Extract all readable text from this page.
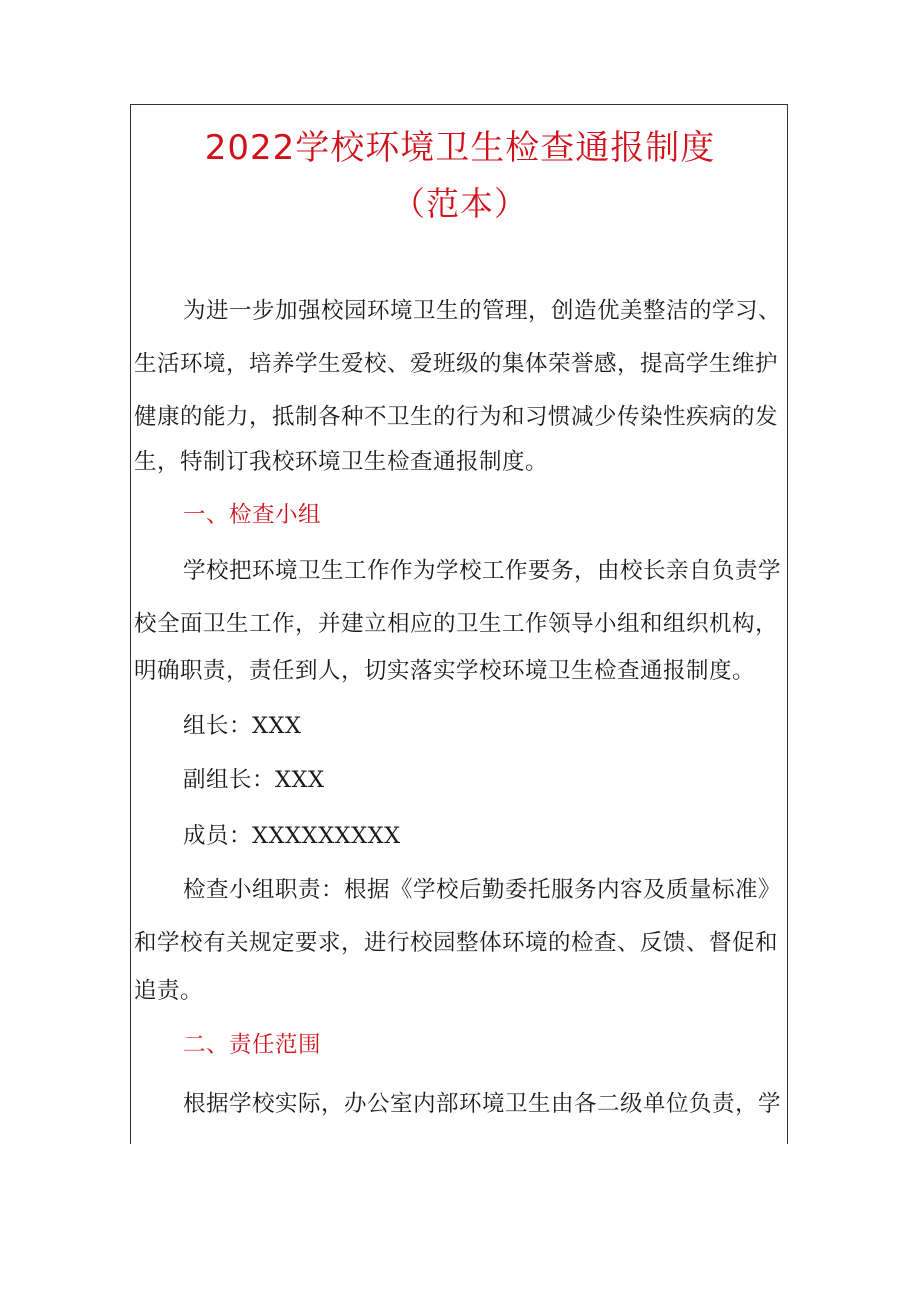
2022学校环境卫生检查通报制度
（范本）

为进一步加强校园环境卫生的管理，创造优美整洁的学习、

生活环境，培养学生爱校、爱班级的集体荣誉感，提高学生维护

健康的能力，抵制各种不卫生的行为和习惯减少传染性疾病的发

生，特制订我校环境卫生检查通报制度。

一、检查小组

学校把环境卫生工作作为学校工作要务，由校长亲自负责学

校全面卫生工作，并建立相应的卫生工作领导小组和组织机构，

明确职责，责任到人，切实落实学校环境卫生检查通报制度。

组长：XXX

副组长：XXX

成员：XXXXXXXXX

检查小组职责：根据《学校后勤委托服务内容及质量标准》

和学校有关规定要求，进行校园整体环境的检查、反馈、督促和

追责。

二、责任范围

根据学校实际，办公室内部环境卫生由各二级单位负责，学
